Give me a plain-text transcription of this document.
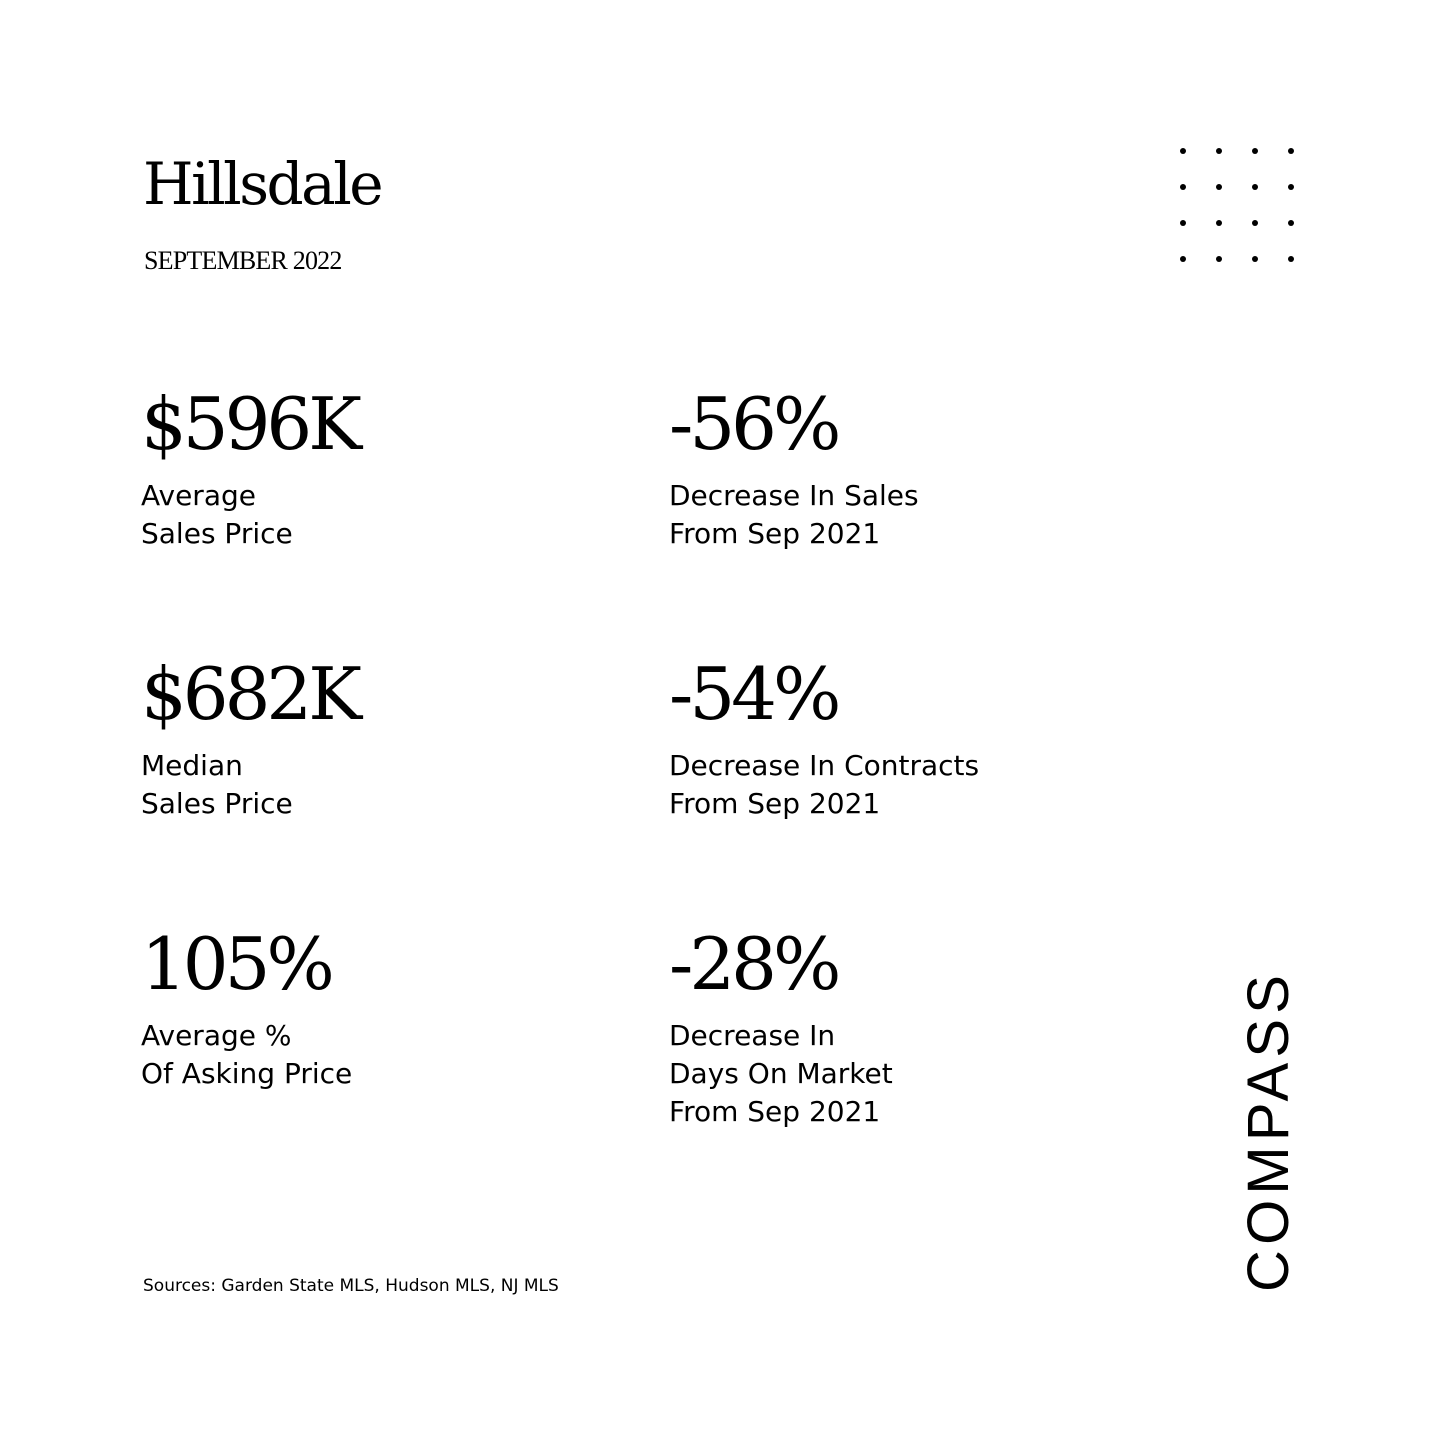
Hillsdale
SEPTEMBER 2022
$596K
Average
Sales Price
-56%
Decrease In Sales
From Sep 2021
$682K
Median
Sales Price
-54%
Decrease In Contracts
From Sep 2021
105%
Average %
Of Asking Price
-28%
Decrease In
Days On Market
From Sep 2021
Sources: Garden State MLS, Hudson MLS, NJ MLS	COMPASS
